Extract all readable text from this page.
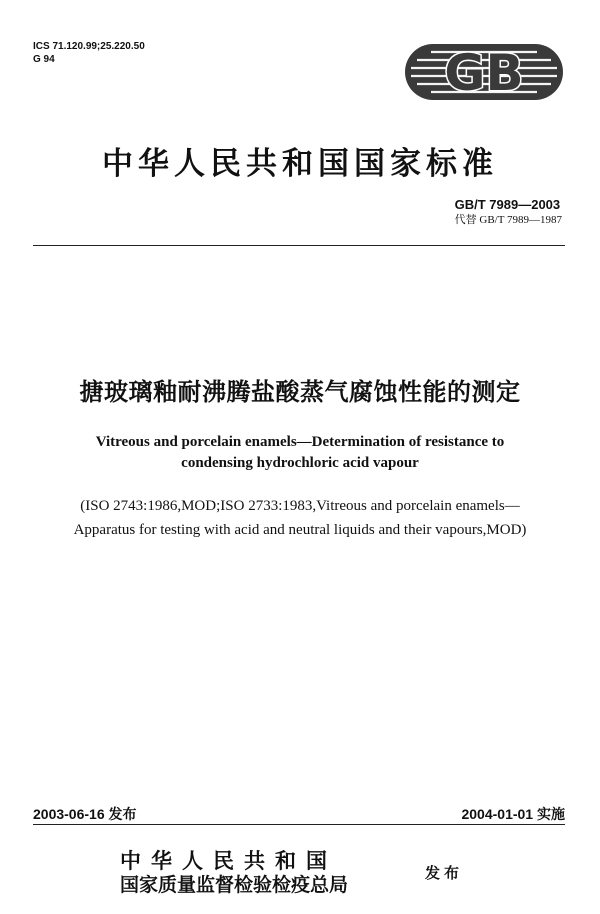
ICS 71.120.99;25.220.50
G 94	GB
中华人民共和国国家标准
GB/T 7989—2003
代替 GB/T 7989—1987
搪玻璃釉耐沸腾盐酸蒸气腐蚀性能的测定
Vitreous and porcelain enamels—Determination of resistance to
condensing hydrochloric acid vapour
(ISO 2743:1986,MOD;ISO 2733:1983,Vitreous and porcelain enamels—
Apparatus for testing with acid and neutral liquids and their vapours,MOD)
2003-06-16 发布	2004-01-01 实施
中华人民共和国
国家质量监督检验检疫总局
发布
